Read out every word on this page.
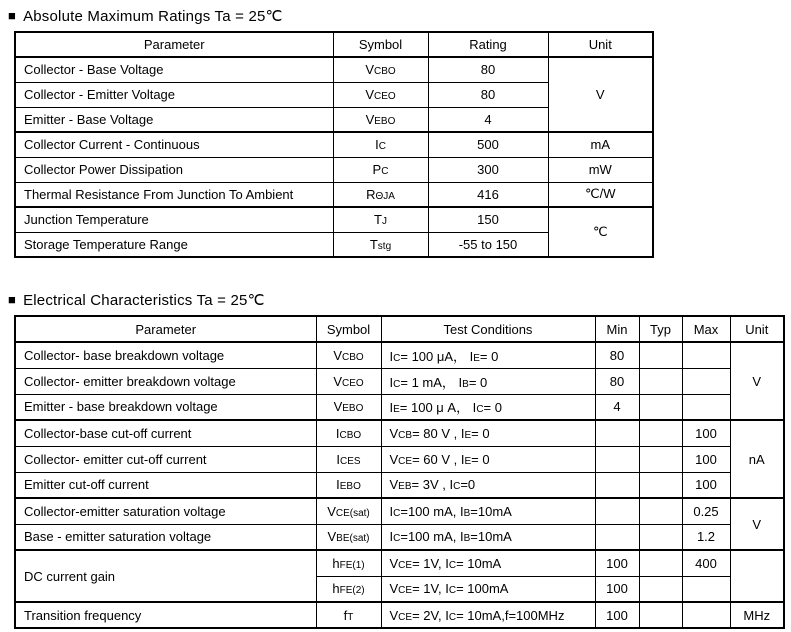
■ Absolute Maximum Ratings Ta = 25℃
Parameter	Symbol	Rating	Unit
Collector - Base Voltage	VCBO	80	V
Collector - Emitter Voltage	VCEO	80	
Emitter - Base Voltage	VEBO	4	
Collector Current - Continuous	IC	500	mA
Collector Power Dissipation	PC	300	mW
Thermal Resistance From Junction To Ambient	RΘJA	416	℃/W
Junction Temperature	TJ	150	℃
Storage Temperature Range	Tstg	-55 to 150	
■ Electrical Characteristics Ta = 25℃
Parameter	Symbol	Test Conditions	Min	Typ	Max	Unit
Collector- base breakdown voltage	VCBO	IC= 100 μA， IE= 0	80			V
Collector- emitter breakdown voltage	VCEO	IC= 1 mA， IB= 0	80			
Emitter - base breakdown voltage	VEBO	IE= 100 μ A， IC= 0	4			
Collector-base cut-off current	ICBO	VCB= 80 V , IE= 0			100	nA
Collector- emitter cut-off current	ICES	VCE= 60 V , IE= 0			100	
Emitter cut-off current	IEBO	VEB= 3V , IC=0			100	
Collector-emitter saturation voltage	VCE(sat)	IC=100 mA, IB=10mA			0.25	V
Base - emitter saturation voltage	VBE(sat)	IC=100 mA, IB=10mA			1.2	
DC current gain	hFE(1)	VCE= 1V, IC= 10mA	100		400	
	hFE(2)	VCE= 1V, IC= 100mA	100			
Transition frequency	fT	VCE= 2V, IC= 10mA,f=100MHz	100			MHz
